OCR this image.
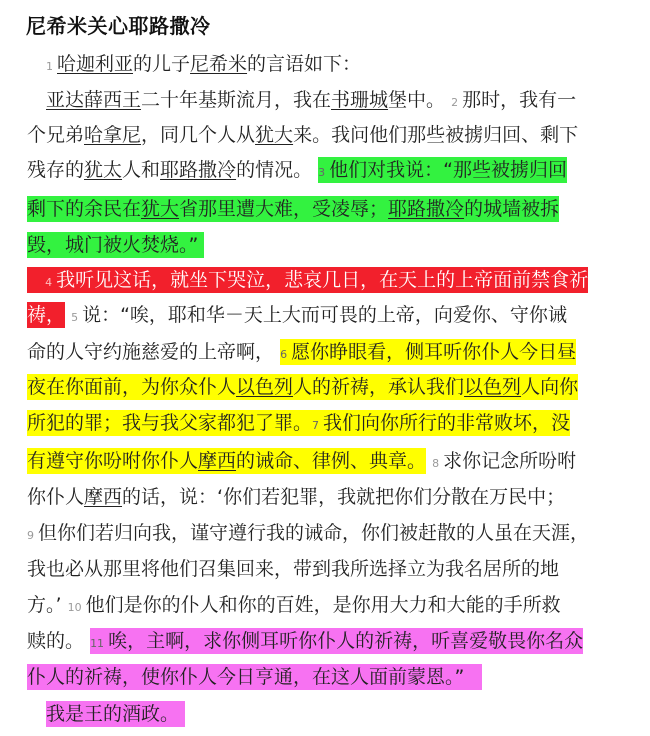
尼希米关心耶路撒冷
1 哈迦利亚的儿子尼希米的言语如下：
亚达薛西王二十年基斯流月，我在书珊城堡中。 2 那时，我有一
个兄弟哈拿尼，同几个人从犹大来。我问他们那些被掳归回、剩下
残存的犹太人和耶路撒冷的情况。 3 他们对我说：“那些被掳归回
剩下的余民在犹大省那里遭大难，受凌辱；耶路撒冷的城墙被拆
毁，城门被火焚烧。”
4 我听见这话，就坐下哭泣，悲哀几日，在天上的上帝面前禁食祈
祷， 5 说：“唉，耶和华－天上大而可畏的上帝，向爱你、守你诫
命的人守约施慈爱的上帝啊， 6 愿你睁眼看，侧耳听你仆人今日昼
夜在你面前，为你众仆人以色列人的祈祷，承认我们以色列人向你
所犯的罪；我与我父家都犯了罪。7 我们向你所行的非常败坏，没
有遵守你吩咐你仆人摩西的诫命、律例、典章。 8 求你记念所吩咐
你仆人摩西的话，说：‘你们若犯罪，我就把你们分散在万民中；
9 但你们若归向我，谨守遵行我的诫命，你们被赶散的人虽在天涯，
我也必从那里将他们召集回来，带到我所选择立为我名居所的地
方。’ 10 他们是你的仆人和你的百姓，是你用大力和大能的手所救
赎的。 11 唉，主啊，求你侧耳听你仆人的祈祷，听喜爱敬畏你名众
仆人的祈祷，使你仆人今日亨通，在这人面前蒙恩。”
我是王的酒政。
